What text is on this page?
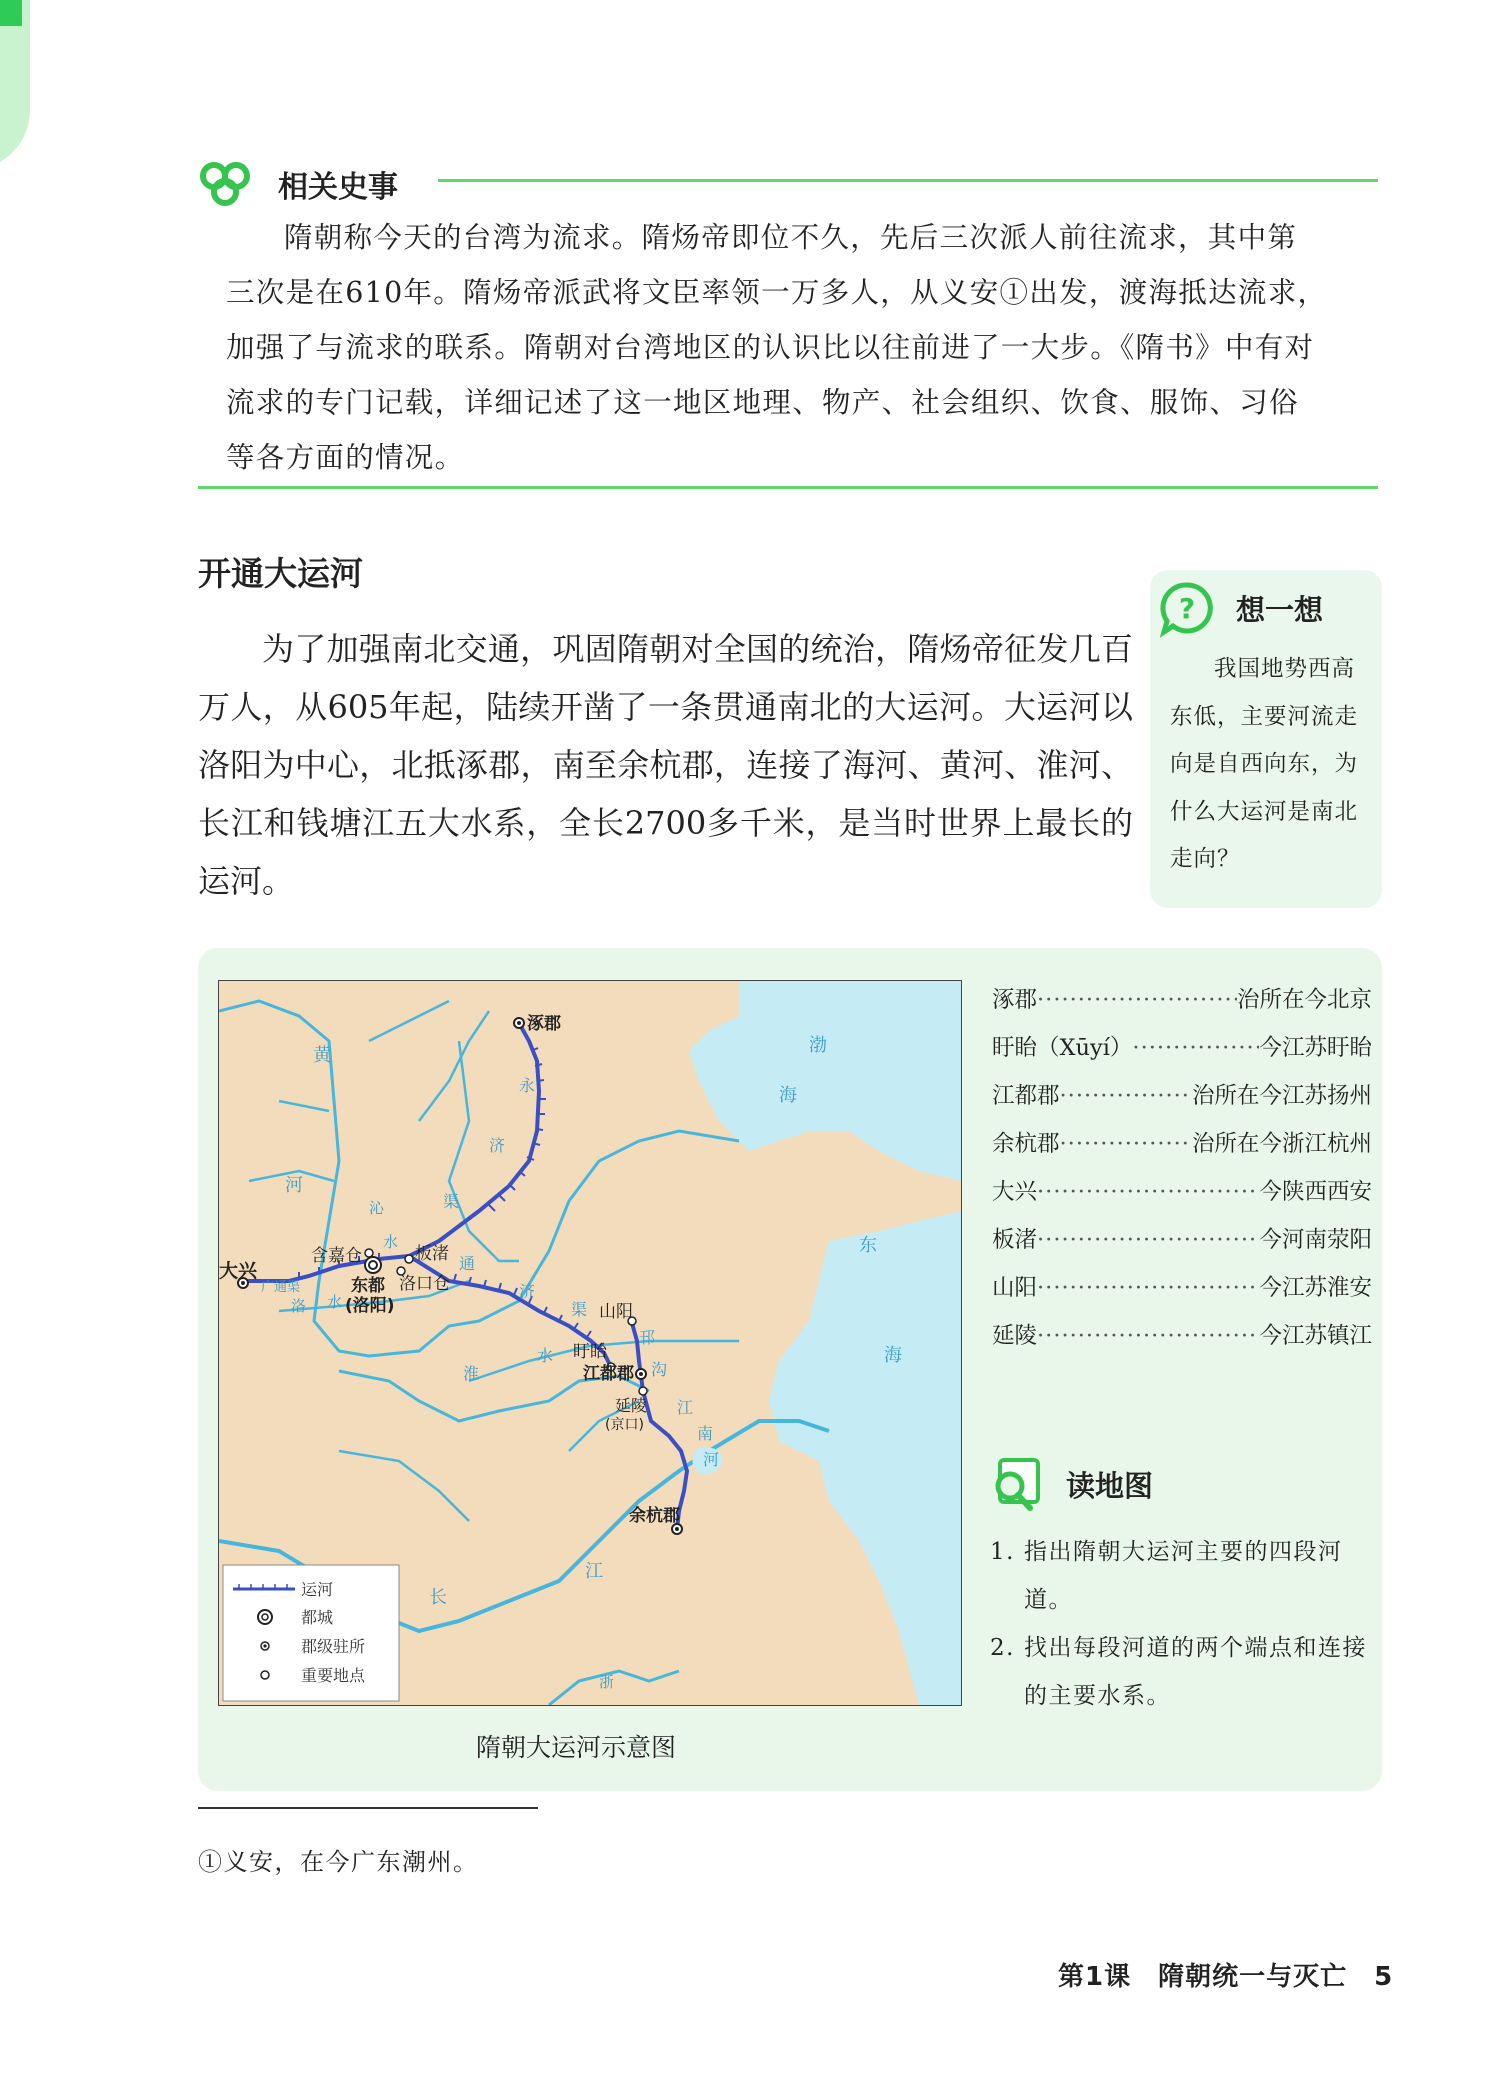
相关史事

隋朝称今天的台湾为流求。隋炀帝即位不久，先后三次派人前往流求，其中第

三次是在610年。隋炀帝派武将文臣率领一万多人，从义安①出发，渡海抵达流求，

加强了与流求的联系。隋朝对台湾地区的认识比以往前进了一大步。《隋书》中有对

流求的专门记载，详细记述了这一地区地理、物产、社会组织、饮食、服饰、习俗

等各方面的情况。

开通大运河

为了加强南北交通，巩固隋朝对全国的统治，隋炀帝征发几百万人，从605年起，陆续开凿了一条贯通南北的大运河。大运河以洛阳为中心，北抵涿郡，南至余杭郡，连接了海河、黄河、淮河、长江和钱塘江五大水系，全长2700多千米，是当时世界上最长的运河。

? 想一想

我国地势西高东低，主要河流走向是自西向东，为什么大运河是南北走向？

涿郡
大兴
含嘉仓	板渚
东都
(洛阳)
洛口仓
山阳
盱眙
江都郡
延陵
(京口)
余杭郡
渤
海
东
海
黄
河
沁
水
洛 水
广通渠
永
济
渠
通
济
渠
淮
水
邗
沟
江
南
河
长
江
浙
运河
都城
郡级驻所
重要地点
隋朝大运河示意图
涿郡 ·····	治所在今北京
盱眙（Xūyí） ·····	今江苏盱眙
江都郡 ·····	治所在今江苏扬州
余杭郡 ·····	治所在今浙江杭州
大兴 ·····	今陕西西安
板渚 ·····	今河南荥阳
山阳 ·····	今江苏淮安
延陵 ·····	今江苏镇江
读地图
1. 指出隋朝大运河主要的四段河道。
2. 找出每段河道的两个端点和连接的主要水系。
①义安，在今广东潮州。
第1课　隋朝统一与灭亡　5
